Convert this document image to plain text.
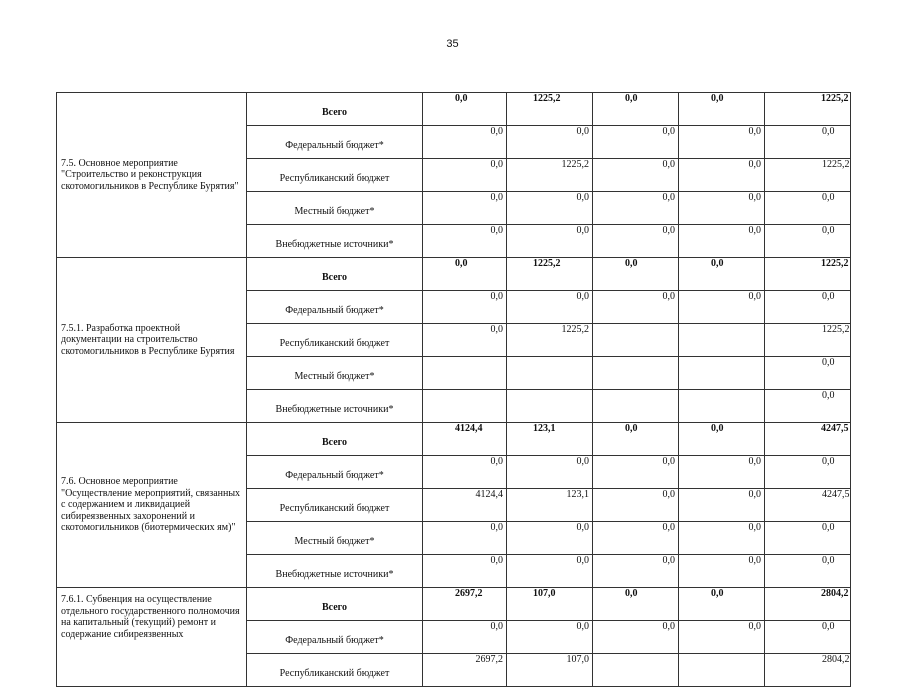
35
7.5. Основное мероприятие "Строительство и реконструкция скотомогильников в Республике Бурятия"	Всего	0,0	1225,2	0,0	0,0	1225,2
	Федеральный бюджет*	0,0	0,0	0,0	0,0	0,0
	Республиканский бюджет	0,0	1225,2	0,0	0,0	1225,2
	Местный бюджет*	0,0	0,0	0,0	0,0	0,0
	Внебюджетные источники*	0,0	0,0	0,0	0,0	0,0
7.5.1. Разработка проектной документации на строительство скотомогильников в Республике Бурятия	Всего	0,0	1225,2	0,0	0,0	1225,2
	Федеральный бюджет*	0,0	0,0	0,0	0,0	0,0
	Республиканский бюджет	0,0	1225,2			1225,2
	Местный бюджет*					0,0
	Внебюджетные источники*					0,0
7.6. Основное мероприятие "Осуществление мероприятий, связанных с содержанием и ликвидацией сибиреязвенных захоронений и скотомогильников (биотермических ям)"	Всего	4124,4	123,1	0,0	0,0	4247,5
	Федеральный бюджет*	0,0	0,0	0,0	0,0	0,0
	Республиканский бюджет	4124,4	123,1	0,0	0,0	4247,5
	Местный бюджет*	0,0	0,0	0,0	0,0	0,0
	Внебюджетные источники*	0,0	0,0	0,0	0,0	0,0
7.6.1. Субвенция на осуществление отдельного государственного полномочия на капитальный (текущий) ремонт и содержание сибиреязвенных	Всего	2697,2	107,0	0,0	0,0	2804,2
	Федеральный бюджет*	0,0	0,0	0,0	0,0	0,0
	Республиканский бюджет	2697,2	107,0			2804,2
